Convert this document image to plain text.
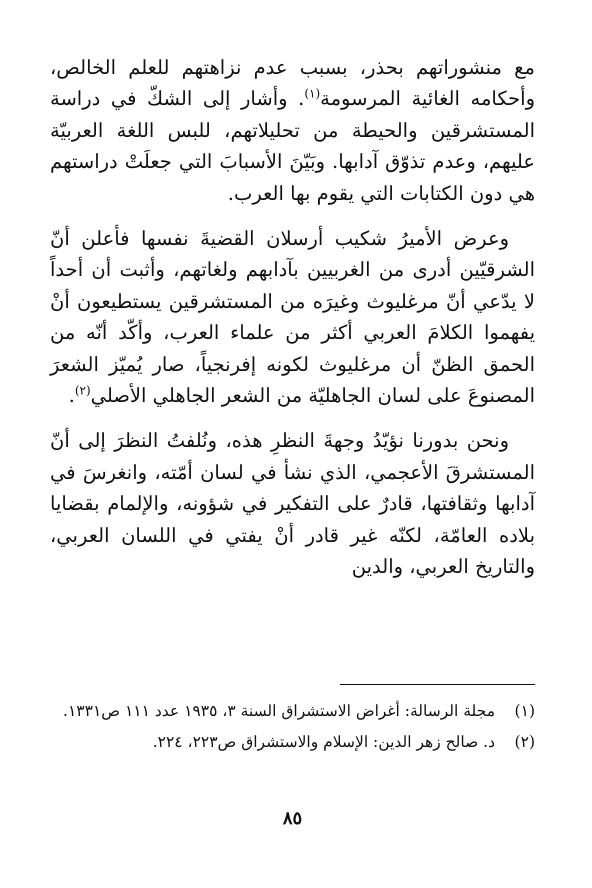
مع منشوراتهم بحذر، بسبب عدم نزاهتهم للعلم الخالص، وأحكامه الغائية المرسومة$^{(١)}$. وأشار إلى الشكّ في دراسة المستشرقين والحيطة من تحليلاتهم، للبس اللغة العربيّة عليهم، وعدم تذوّق آدابها. وبَيّنَ الأسبابَ التي جعلَتْ دراستهم هي دون الكتابات التي يقوم بها العرب.

وعرض الأميرُ شكيب أرسلان القضيةَ نفسها فأعلن أنّ الشرقيّين أدرى من الغربيين بآدابهم ولغاتهم، وأثبت أن أحداً لا يدّعي أنّ مرغليوث وغيرَه من المستشرقين يستطيعون أنْ يفهموا الكلامَ العربي أكثر من علماء العرب، وأكّد أنّه من الحمق الظنّ أن مرغليوث لكونه إفرنجياً، صار يُميّز الشعرَ المصنوعَ على لسان الجاهليّة من الشعر الجاهلي الأصلي$^{(٢)}$.

ونحن بدورنا نؤيّدُ وجهةَ النظرِ هذه، ونُلفتُ النظرَ إلى أنّ المستشرقَ الأعجمي، الذي نشأ في لسان أمّته، وانغرسَ في آدابها وثقافتها، قادرٌ على التفكير في شؤونه، والإلمام بقضايا بلاده العامّة، لكنّه غير قادر أنْ يفتي في اللسان العربي، والتاريخ العربي، والدين

(١)
مجلة الرسالة: أغراض الاستشراق السنة ٣، ١٩٣٥ عدد ١١١ ص١٣٣١.
(٢)
د. صالح زهر الدين: الإسلام والاستشراق ص٢٢٣، ٢٢٤.
٨٥
